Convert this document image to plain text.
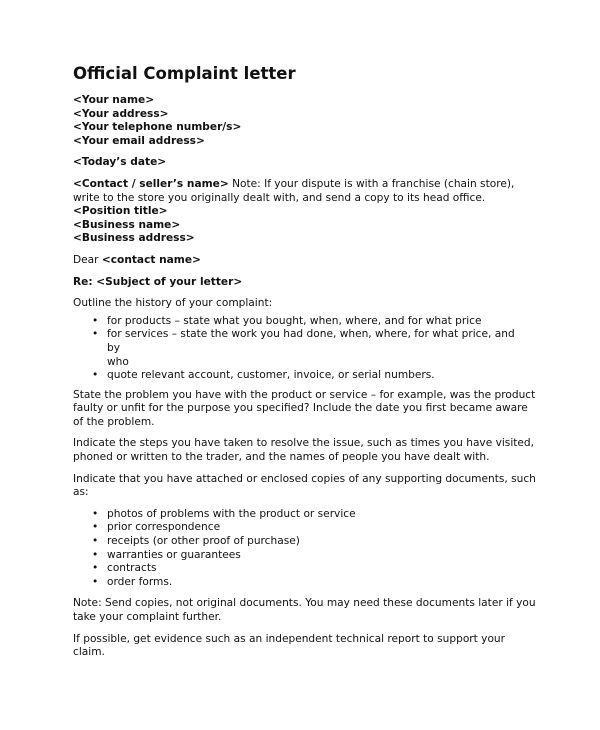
Official Complaint letter
<Your name>
<Your address>
<Your telephone number/s>
<Your email address>
<Today’s date>
<Contact / seller’s name> Note: If your dispute is with a franchise (chain store),
write to the store you originally dealt with, and send a copy to its head office.
<Position title>
<Business name>
<Business address>
Dear <contact name>
Re: <Subject of your letter>
Outline the history of your complaint:
• for products – state what you bought, when, where, and for what price
• for services – state the work you had done, when, where, for what price, and by
who
• quote relevant account, customer, invoice, or serial numbers.
State the problem you have with the product or service – for example, was the product
faulty or unfit for the purpose you specified? Include the date you first became aware
of the problem.
Indicate the steps you have taken to resolve the issue, such as times you have visited,
phoned or written to the trader, and the names of people you have dealt with.
Indicate that you have attached or enclosed copies of any supporting documents, such
as:
• photos of problems with the product or service
• prior correspondence
• receipts (or other proof of purchase)
• warranties or guarantees
• contracts
• order forms.
Note: Send copies, not original documents. You may need these documents later if you
take your complaint further.
If possible, get evidence such as an independent technical report to support your
claim.
